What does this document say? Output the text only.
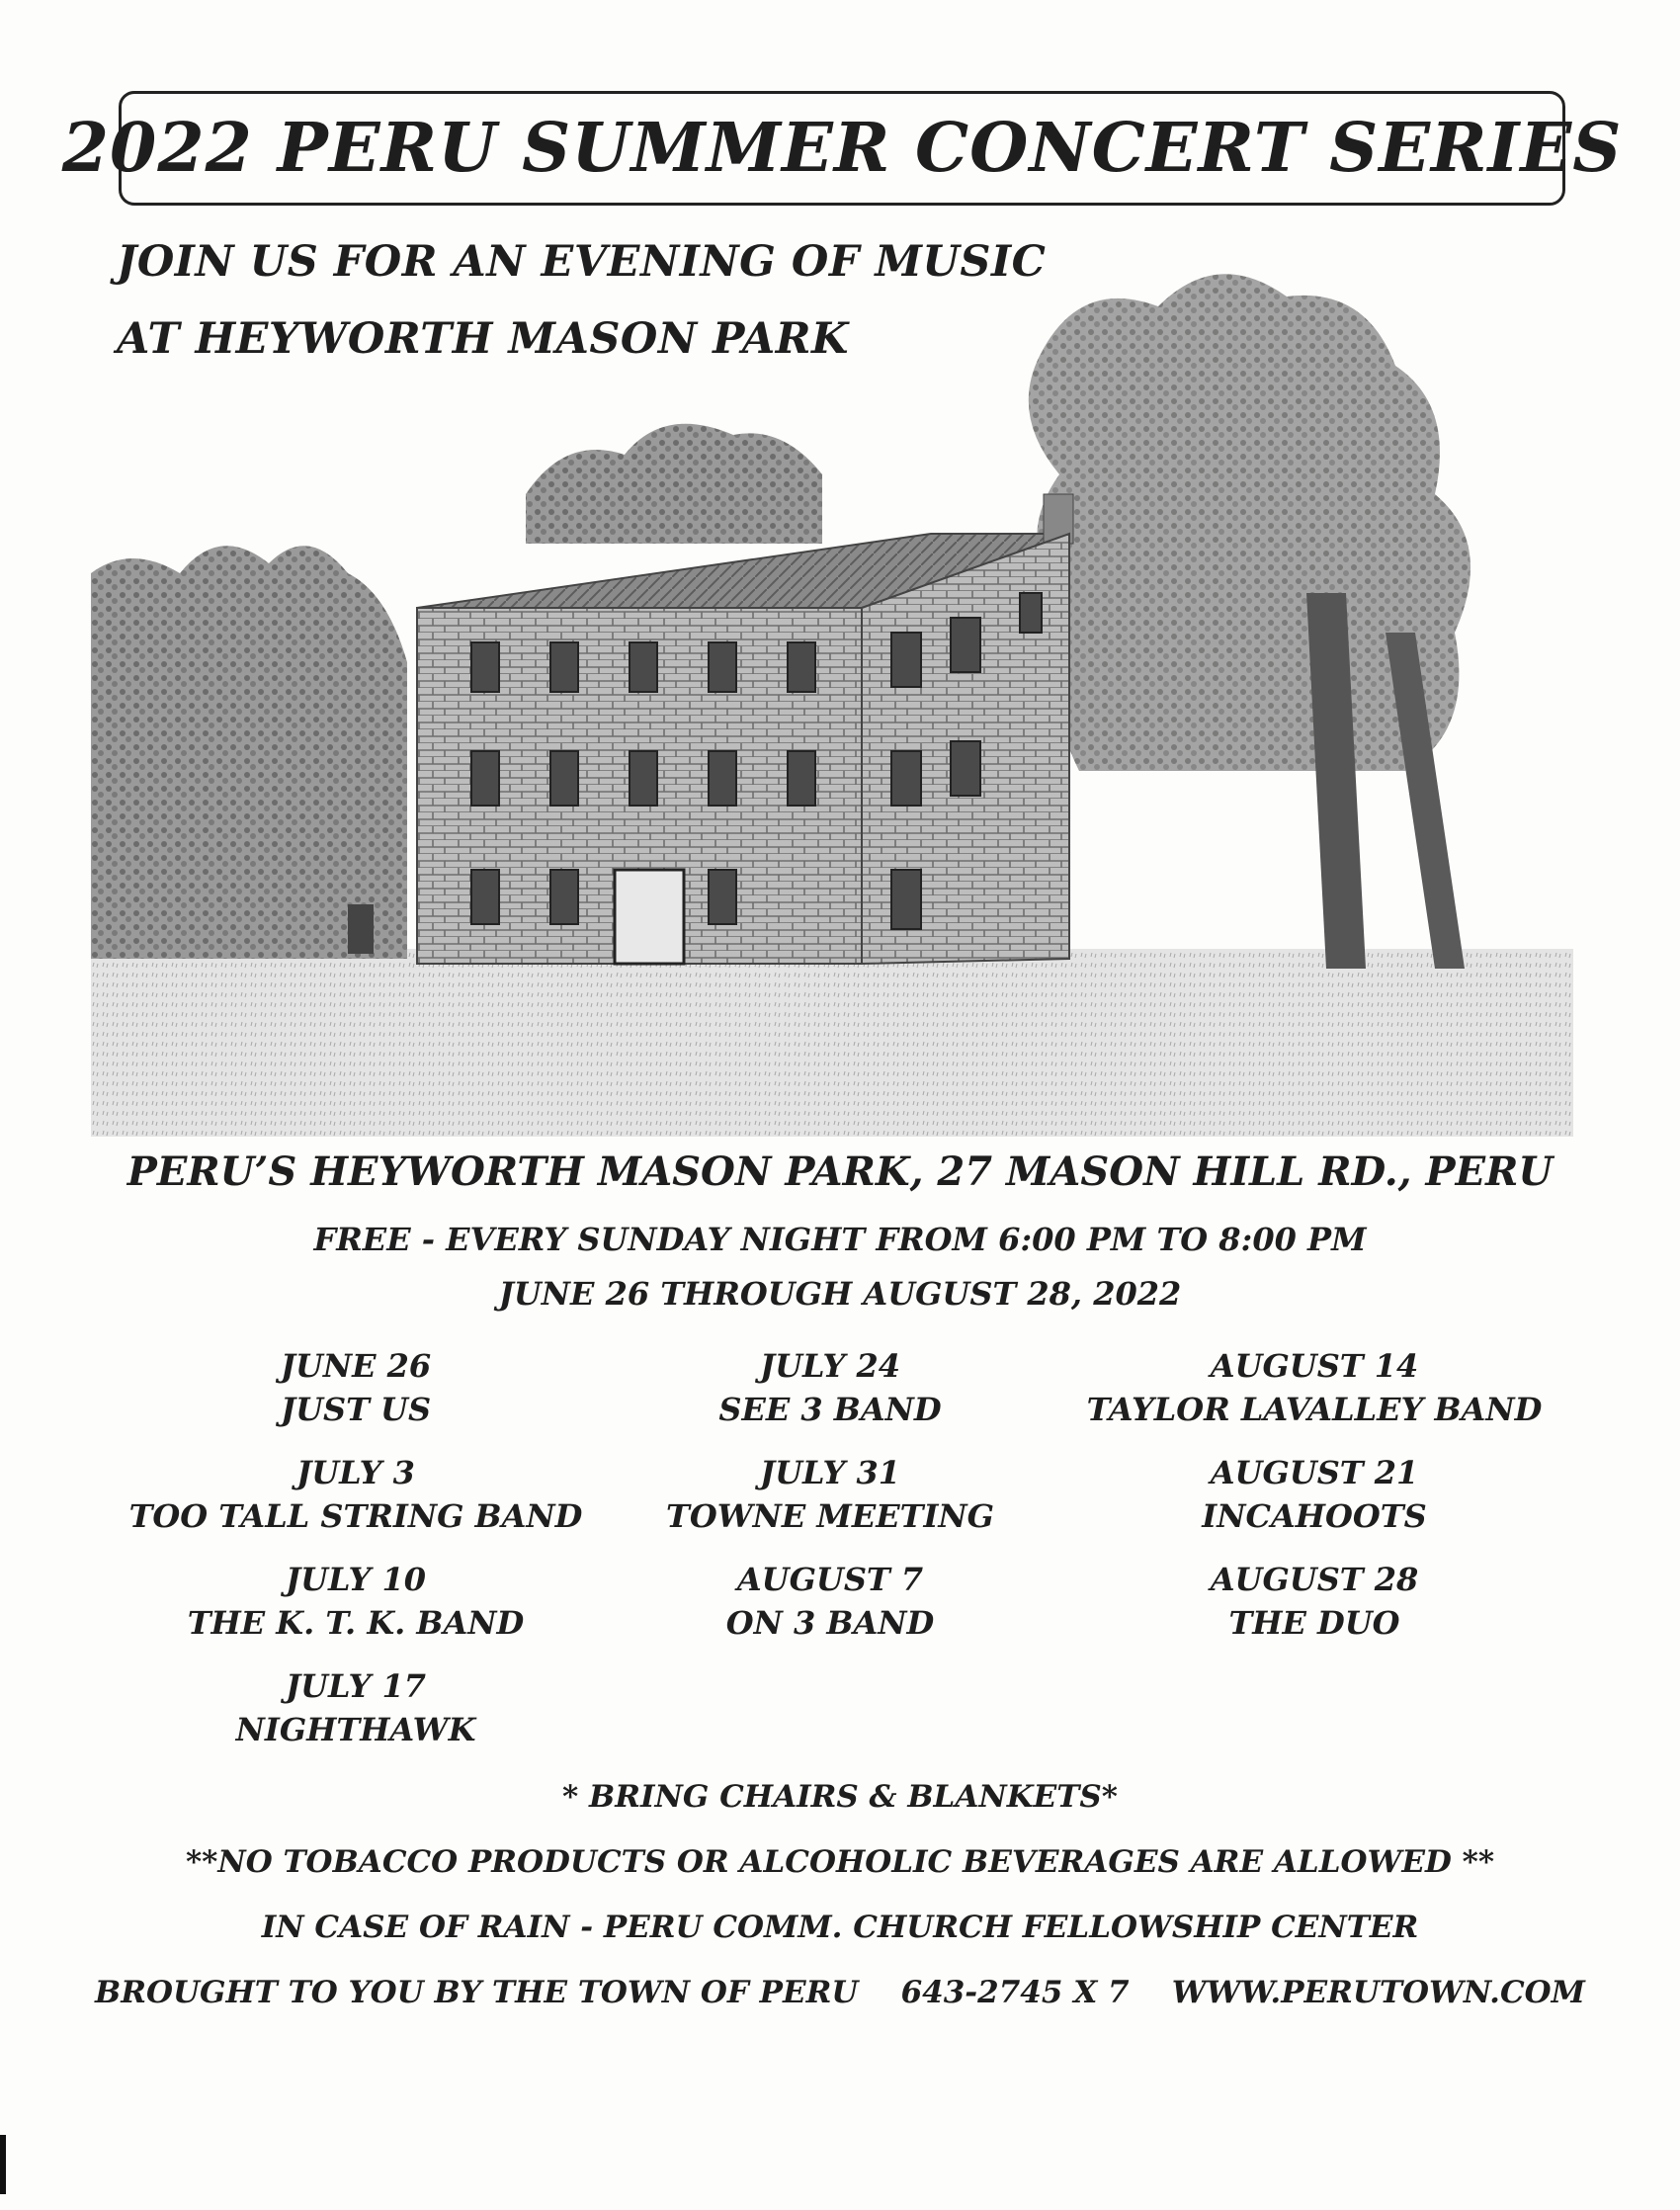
2022 PERU SUMMER CONCERT SERIES
JOIN US FOR AN EVENING OF MUSIC
AT HEYWORTH MASON PARK
PERU’S HEYWORTH MASON PARK, 27 MASON HILL RD., PERU
FREE - EVERY SUNDAY NIGHT FROM 6:00 PM TO 8:00 PM
JUNE 26 THROUGH AUGUST 28, 2022
JUNE 26
JUST US
JULY 3
TOO TALL STRING BAND
JULY 10
THE K. T. K. BAND
JULY 17
NIGHTHAWK
JULY 24
SEE 3 BAND
JULY 31
TOWNE MEETING
AUGUST 7
ON 3 BAND
AUGUST 14
TAYLOR LAVALLEY BAND
AUGUST 21
INCAHOOTS
AUGUST 28
THE DUO
* BRING CHAIRS & BLANKETS*
**NO TOBACCO PRODUCTS OR ALCOHOLIC BEVERAGES ARE ALLOWED **
IN CASE OF RAIN - PERU COMM. CHURCH FELLOWSHIP CENTER
BROUGHT TO YOU BY THE TOWN OF PERU 643-2745 X 7 WWW.PERUTOWN.COM
